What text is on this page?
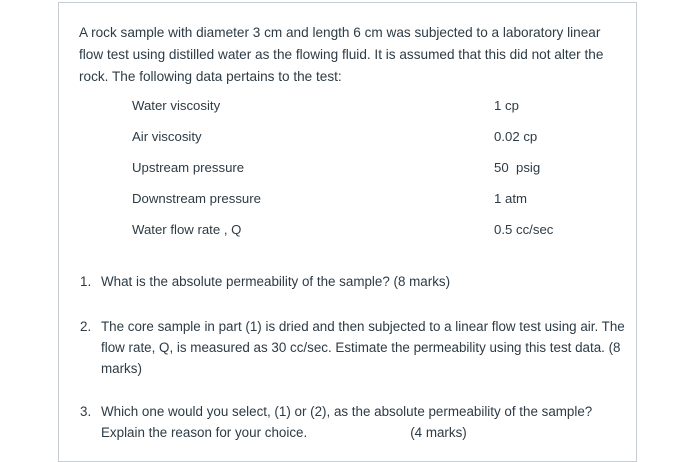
A rock sample with diameter 3 cm and length 6 cm was subjected to a laboratory linear flow test using distilled water as the flowing fluid. It is assumed that this did not alter the rock. The following data pertains to the test:

Water viscosity	1 cp
Air viscosity	0.02 cp
Upstream pressure	50  psig
Downstream pressure	1 atm
Water flow rate , Q	0.5 cc/sec
1. What is the absolute permeability of the sample? (8 marks)
2. The core sample in part (1) is dried and then subjected to a linear flow test using air. The flow rate, Q, is measured as 30 cc/sec. Estimate the permeability using this test data. (8 marks)
3. Which one would you select, (1) or (2), as the absolute permeability of the sample?
Explain the reason for your choice.	(4 marks)
